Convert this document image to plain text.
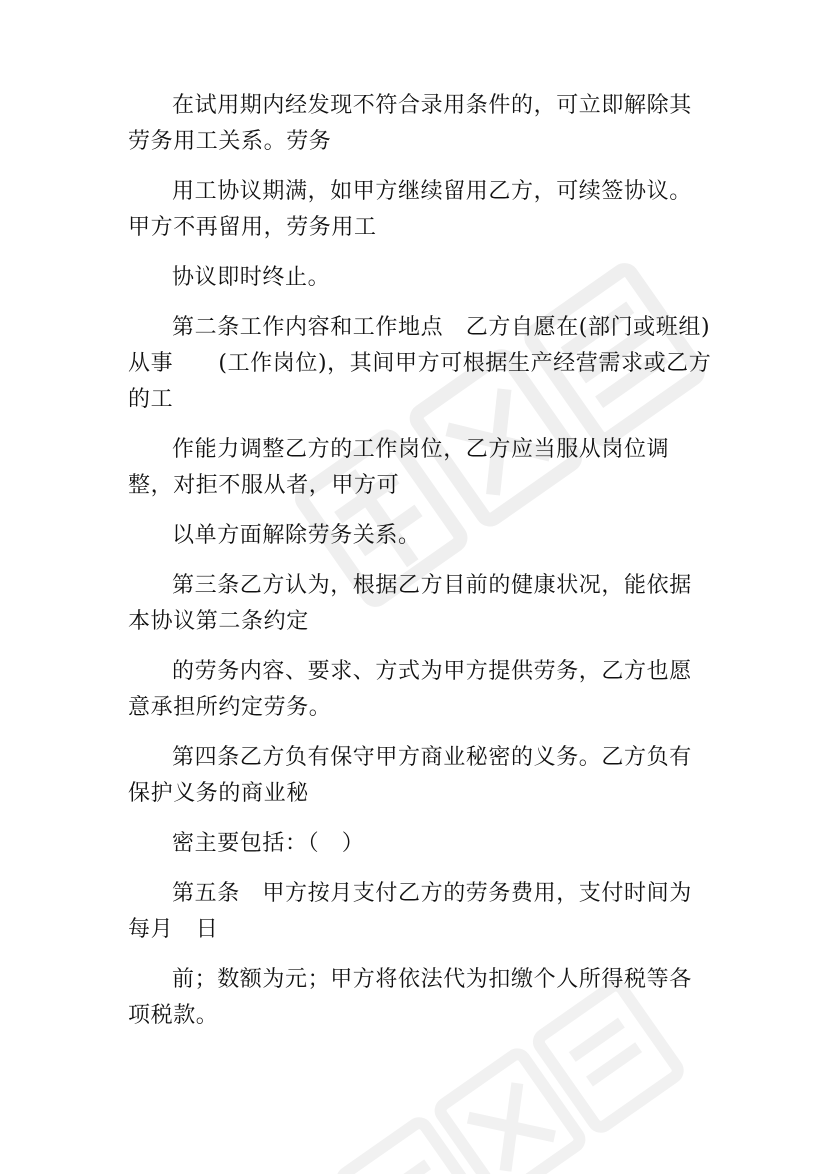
在试用期内经发现不符合录用条件的，可立即解除其劳务用工关系。劳务

用工协议期满，如甲方继续留用乙方，可续签协议。甲方不再留用，劳务用工

协议即时终止。

第二条工作内容和工作地点　乙方自愿在(部门或班组)从事　　(工作岗位)，其间甲方可根据生产经营需求或乙方的工

作能力调整乙方的工作岗位，乙方应当服从岗位调整，对拒不服从者，甲方可

以单方面解除劳务关系。

第三条乙方认为，根据乙方目前的健康状况，能依据本协议第二条约定

的劳务内容、要求、方式为甲方提供劳务，乙方也愿意承担所约定劳务。

第四条乙方负有保守甲方商业秘密的义务。乙方负有保护义务的商业秘

密主要包括：（　）

第五条　甲方按月支付乙方的劳务费用，支付时间为每月　日

前；数额为元；甲方将依法代为扣缴个人所得税等各项税款。
